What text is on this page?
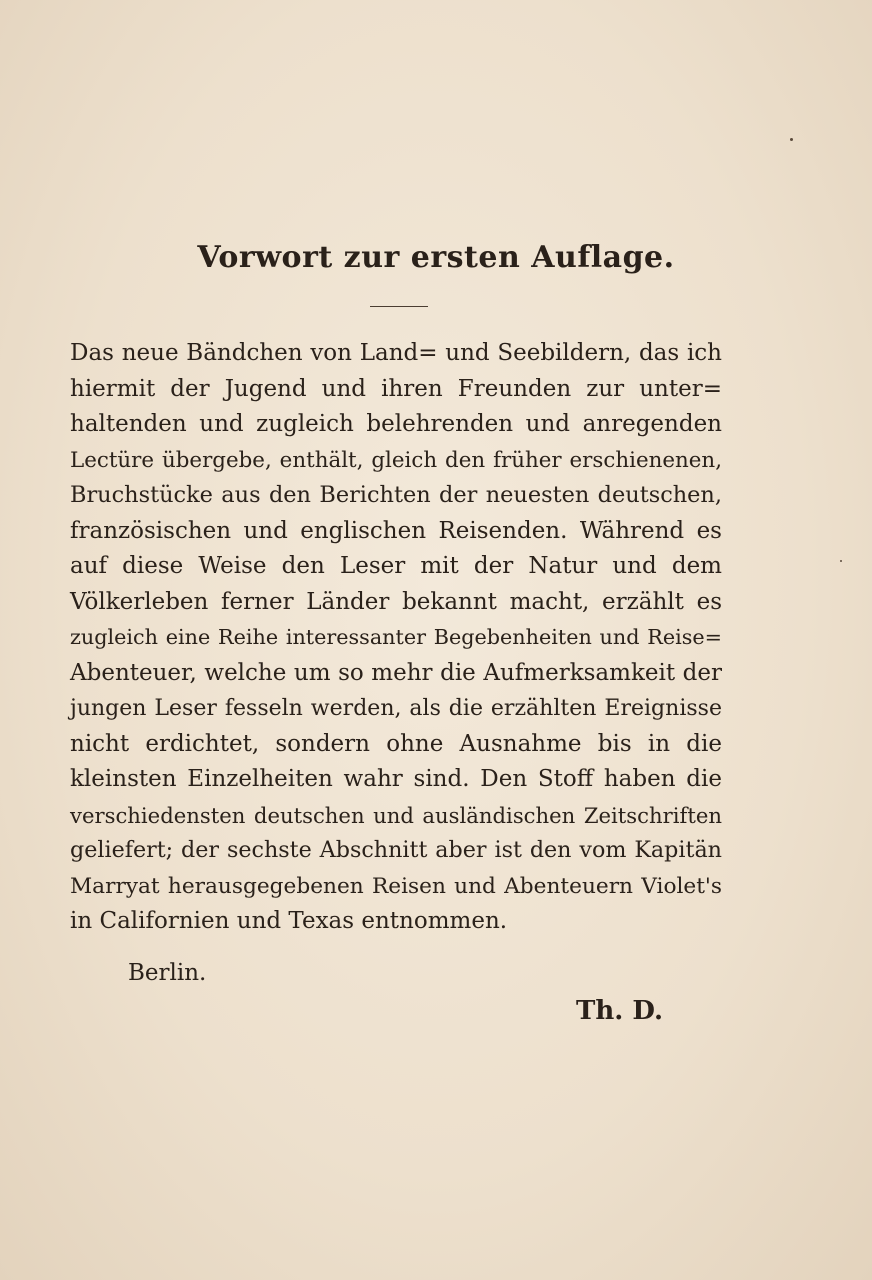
Vorwort zur ersten Auflage.
Das neue Bändchen von Land= und Seebildern, das ich
hiermit der Jugend und ihren Freunden zur unter=
haltenden und zugleich belehrenden und anregenden
Lectüre übergebe, enthält, gleich den früher erschienenen,
Bruchstücke aus den Berichten der neuesten deutschen,
französischen und englischen Reisenden. Während es
auf diese Weise den Leser mit der Natur und dem
Völkerleben ferner Länder bekannt macht, erzählt es
zugleich eine Reihe interessanter Begebenheiten und Reise=
Abenteuer, welche um so mehr die Aufmerksamkeit der
jungen Leser fesseln werden, als die erzählten Ereignisse
nicht erdichtet, sondern ohne Ausnahme bis in die
kleinsten Einzelheiten wahr sind. Den Stoff haben die
verschiedensten deutschen und ausländischen Zeitschriften
geliefert; der sechste Abschnitt aber ist den vom Kapitän
Marryat herausgegebenen Reisen und Abenteuern Violet's
in Californien und Texas entnommen.
Berlin.
Th. D.
